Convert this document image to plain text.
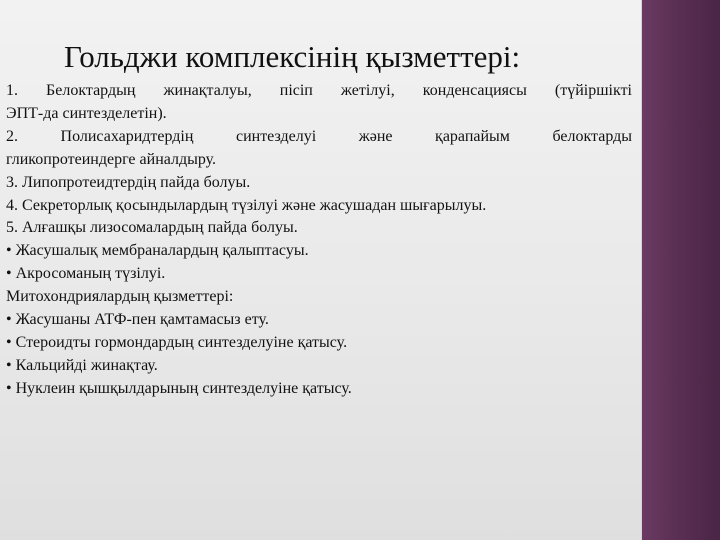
Гольджи комплексінің қызметтері:
1. Белоктардың жинақталуы, пісіп жетілуі, конденсациясы (түйіршікті
ЭПТ-да синтезделетін).
2. Полисахаридтердің синтезделуі және қарапайым белоктарды
гликопротеиндерге айналдыру.
3. Липопротеидтердің пайда болуы.
4. Секреторлық қосындылардың түзілуі және жасушадан шығарылуы.
5. Алғашқы лизосомалардың пайда болуы.
• Жасушалық мембраналардың қалыптасуы.
• Акросоманың түзілуі.
Митохондриялардың қызметтері:
• Жасушаны АТФ-пен қамтамасыз ету.
• Стероидты гормондардың синтезделуіне қатысу.
• Кальцийді жинақтау.
• Нуклеин қышқылдарының синтезделуіне қатысу.
